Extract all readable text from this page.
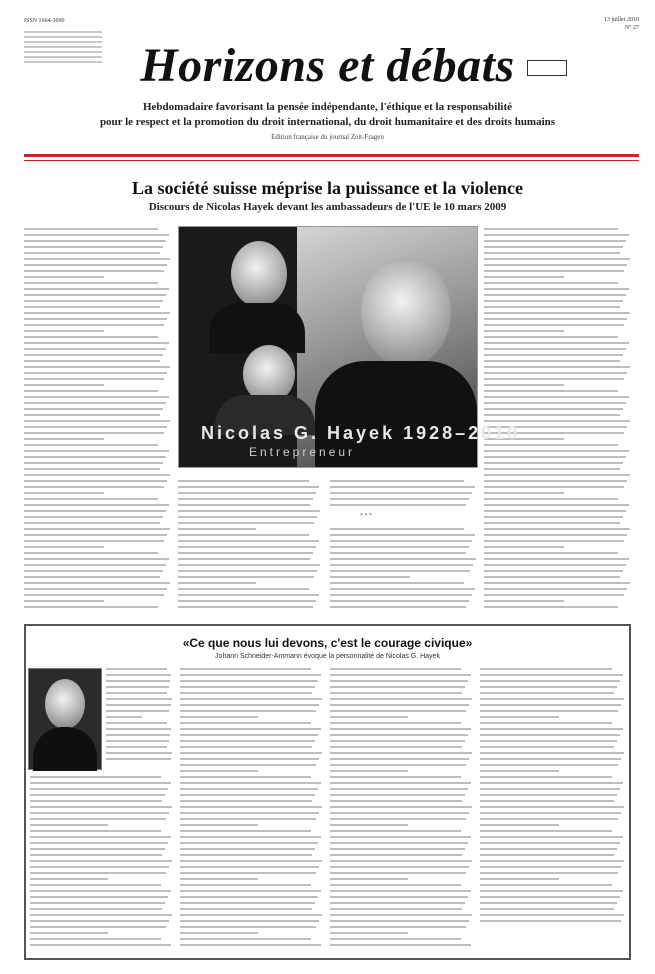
ISSN 1664-3690	13 juillet 2010
N° 27
Horizons et débats
Hebdomadaire favorisant la pensée indépendante, l'éthique et la responsabilité
pour le respect et la promotion du droit international, du droit humanitaire et des droits humains
Edition française du journal Zeit-Fragen
La société suisse méprise la puissance et la violence
Discours de Nicolas Hayek devant les ambassadeurs de l'UE le 10 mars 2009
* * *
Nicolas G. Hayek 1928–2010
Entrepreneur
«Ce que nous lui devons, c'est le courage civique»
Johann Schneider-Ammann évoque la personnalité de Nicolas G. Hayek
